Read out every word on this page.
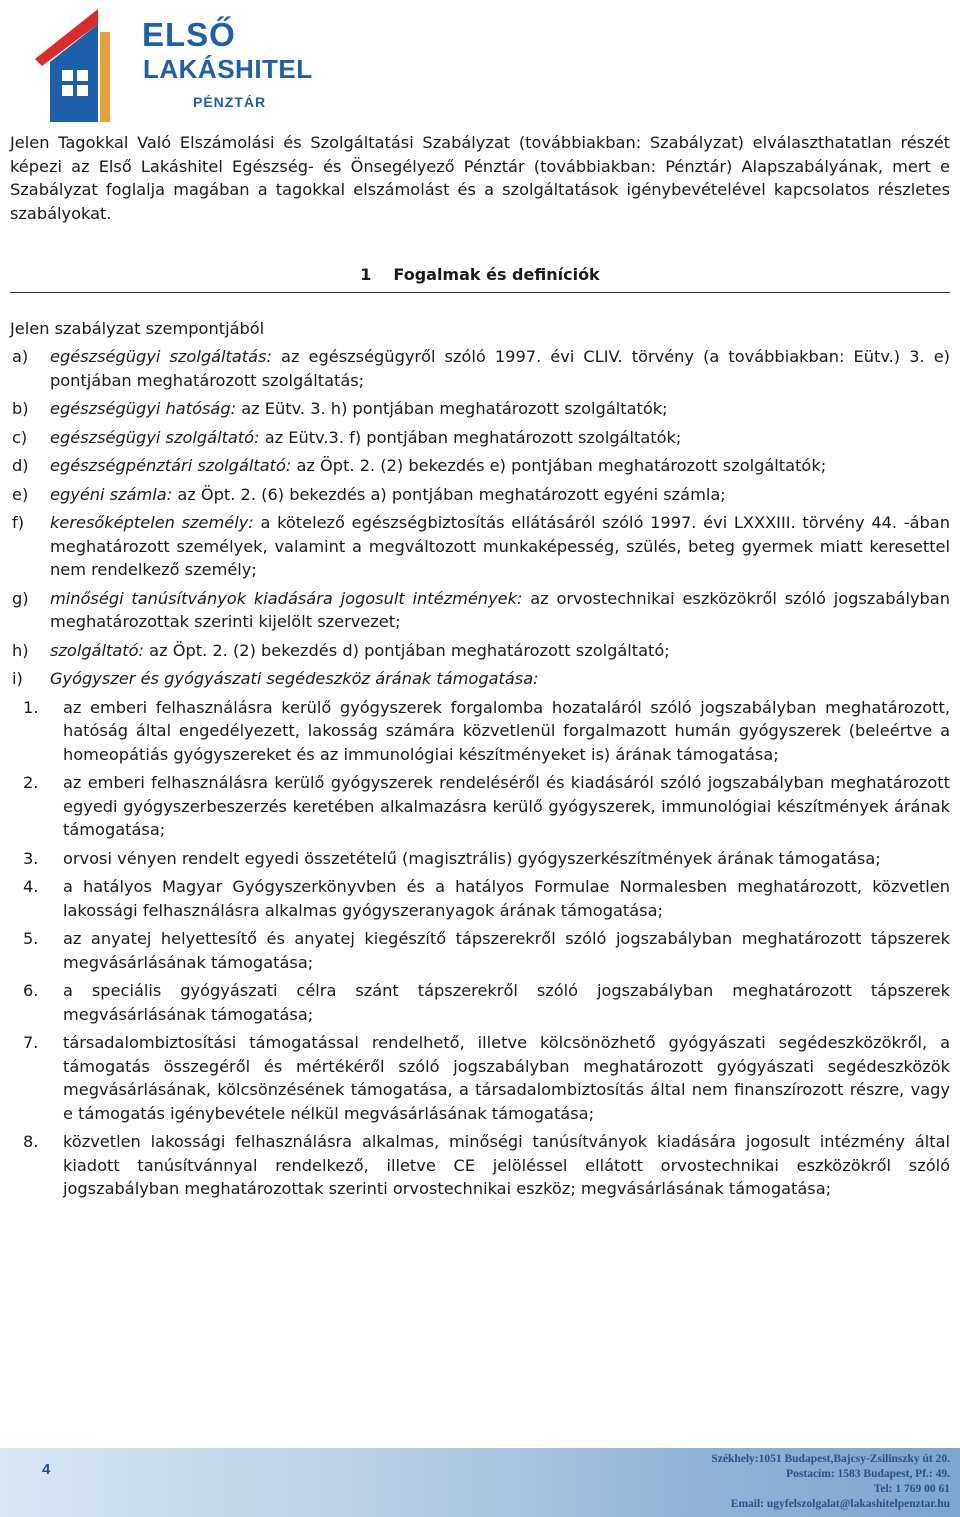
ELSŐ
LAKÁSHITEL
PÉNZTÁR

Jelen Tagokkal Való Elszámolási és Szolgáltatási Szabályzat (továbbiakban: Szabályzat) elválaszthatatlan részét képezi az Első Lakáshitel Egészség- és Önsegélyező Pénztár (továbbiakban: Pénztár) Alapszabályának, mert e Szabályzat foglalja magában a tagokkal elszámolást és a szolgáltatások igénybevételével kapcsolatos részletes szabályokat.

1 Fogalmak és definíciók
Jelen szabályzat szempontjából
a)	egészségügyi szolgáltatás: az egészségügyről szóló 1997. évi CLIV. törvény (a továbbiakban: Eütv.) 3. e) pontjában meghatározott szolgáltatás;
b)	egészségügyi hatóság: az Eütv. 3. h) pontjában meghatározott szolgáltatók;
c)	egészségügyi szolgáltató: az Eütv.3. f) pontjában meghatározott szolgáltatók;
d)	egészségpénztári szolgáltató: az Öpt. 2. (2) bekezdés e) pontjában meghatározott szolgáltatók;
e)	egyéni számla: az Öpt. 2. (6) bekezdés a) pontjában meghatározott egyéni számla;
f)	keresőképtelen személy: a kötelező egészségbiztosítás ellátásáról szóló 1997. évi LXXXIII. törvény 44. -ában meghatározott személyek, valamint a megváltozott munkaképesség, szülés, beteg gyermek miatt keresettel nem rendelkező személy;
g)	minőségi tanúsítványok kiadására jogosult intézmények: az orvostechnikai eszközökről szóló jogszabályban meghatározottak szerinti kijelölt szervezet;
h)	szolgáltató: az Öpt. 2. (2) bekezdés d) pontjában meghatározott szolgáltató;
i)	Gyógyszer és gyógyászati segédeszköz árának támogatása:
1.	az emberi felhasználásra kerülő gyógyszerek forgalomba hozataláról szóló jogszabályban meghatározott, hatóság által engedélyezett, lakosság számára közvetlenül forgalmazott humán gyógyszerek (beleértve a homeopátiás gyógyszereket és az immunológiai készítményeket is) árának támogatása;
2.	az emberi felhasználásra kerülő gyógyszerek rendeléséről és kiadásáról szóló jogszabályban meghatározott egyedi gyógyszerbeszerzés keretében alkalmazásra kerülő gyógyszerek, immunológiai készítmények árának támogatása;
3.	orvosi vényen rendelt egyedi összetételű (magisztrális) gyógyszerkészítmények árának támogatása;
4.	a hatályos Magyar Gyógyszerkönyvben és a hatályos Formulae Normalesben meghatározott, közvetlen lakossági felhasználásra alkalmas gyógyszeranyagok árának támogatása;
5.	az anyatej helyettesítő és anyatej kiegészítő tápszerekről szóló jogszabályban meghatározott tápszerek megvásárlásának támogatása;
6.	a speciális gyógyászati célra szánt tápszerekről szóló jogszabályban meghatározott tápszerek megvásárlásának támogatása;
7.	társadalombiztosítási támogatással rendelhető, illetve kölcsönözhető gyógyászati segédeszközökről, a támogatás összegéről és mértékéről szóló jogszabályban meghatározott gyógyászati segédeszközök megvásárlásának, kölcsönzésének támogatása, a társadalombiztosítás által nem finanszírozott részre, vagy e támogatás igénybevétele nélkül megvásárlásának támogatása;
8.	közvetlen lakossági felhasználásra alkalmas, minőségi tanúsítványok kiadására jogosult intézmény által kiadott tanúsítvánnyal rendelkező, illetve CE jelöléssel ellátott orvostechnikai eszközökről szóló jogszabályban meghatározottak szerinti orvostechnikai eszköz; megvásárlásának támogatása;
4
Székhely:1051 Budapest,Bajcsy-Zsilinszky út 20.
Postacím: 1583 Budapest, Pf.: 49.
Tel: 1 769 00 61
Email: ugyfelszolgalat@lakashitelpenztar.hu
